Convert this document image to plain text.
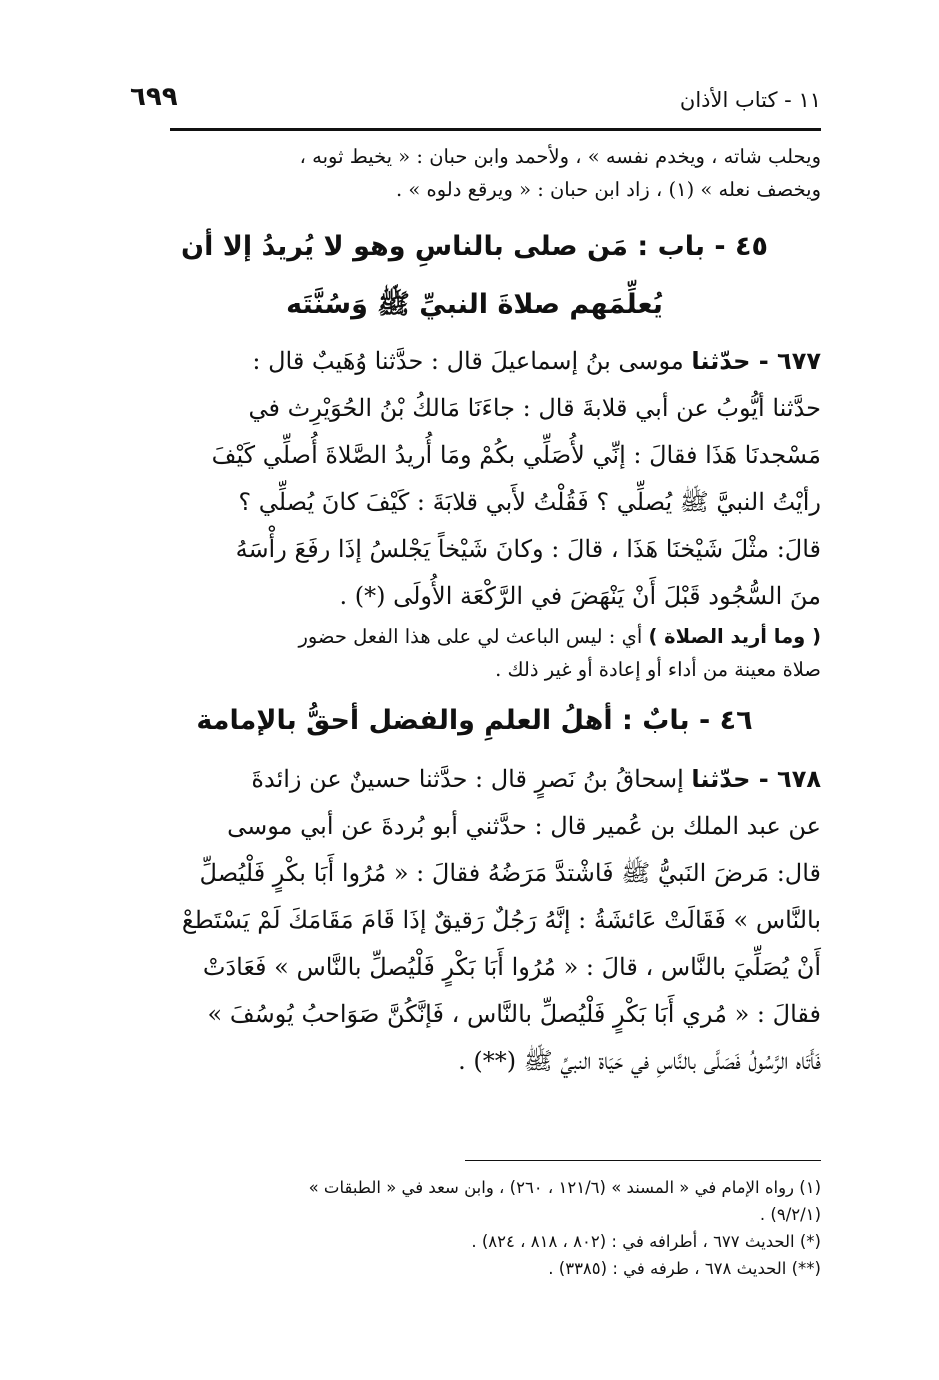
١١ - كتاب الأذان
٦٩٩

ويحلب شاته ، ويخدم نفسه » ، ولأحمد وابن حبان : « يخيط ثوبه ،

ويخصف نعله » (١) ، زاد ابن حبان : « ويرقع دلوه » .

٤٥ - باب : مَن صلى بالناسِ وهو لا يُريدُ إلا أن

يُعلِّمَهم صلاةَ النبيِّ ﷺ وَسُنَّتَه

٦٧٧ - حدّثنا موسى بنُ إسماعيلَ قال : حدَّثنا وُهَيبٌ قال :

حدَّثنا أيُّوبُ عن أبي قلابةَ قال : جاءَنَا مَالكُ بْنُ الحُوَيْرِث في

مَسْجدنَا هَذَا فقالَ : إنِّي لأُصَلِّي بكُمْ ومَا أُريدُ الصَّلاةَ أُصلِّي كَيْفَ

رأيْتُ النبيَّ ﷺ يُصلِّي ؟ فَقُلْتُ لأَبي قلابَةَ : كَيْفَ كانَ يُصلِّي ؟

قالَ: مثْلَ شَيْخنَا هَذَا ، قالَ : وكانَ شَيْخاً يَجْلسُ إذَا رفَعَ رأْسَهُ

منَ السُّجُود قَبْلَ أَنْ يَنْهَضَ في الرَّكْعَة الأُولَى (*) .

( وما أريد الصلاة ) أي : ليس الباعث لي على هذا الفعل حضور

صلاة معينة من أداء أو إعادة أو غير ذلك .

٤٦ - بابٌ : أهلُ العلمِ والفضل أحقُّ بالإمامة

٦٧٨ - حدّثنا إسحاقُ بنُ نَصرٍ قال : حدَّثنا حسينٌ عن زائدةَ

عن عبد الملك بن عُمير قال : حدَّثني أبو بُردةَ عن أبي موسى

قال: مَرضَ النَبيُّ ﷺ فَاشْتدَّ مَرَضُهُ فقالَ : « مُرُوا أَبَا بكْرٍ فَلْيُصلِّ

بالنَّاس » فَقَالَتْ عَائشَةُ : إنَّهُ رَجُلٌ رَقيقٌ إذَا قَامَ مَقَامَكَ لَمْ يَسْتَطعْ

أَنْ يُصَلِّيَ بالنَّاس ، قالَ : « مُرُوا أَبَا بَكْرٍ فَلْيُصلِّ بالنَّاس » فَعَادَتْ

فقالَ : « مُري أَبَا بَكْرٍ فَلْيُصلِّ بالنَّاس ، فَإنَّكُنَّ صَوَاحبُ يُوسُفَ »

فَأَتَاه الرَّسُولُ فَصَلَّى بالنَّاسِ في حَيَاة النبيِّ ﷺ (**) .

(١) رواه الإمام في « المسند » (١٢١/٦ ، ٢٦٠) ، وابن سعد في « الطبقات »

(٩/٢/١) .

(*) الحديث ٦٧٧ ، أطرافه في : (٨٠٢ ، ٨١٨ ، ٨٢٤) .

(**) الحديث ٦٧٨ ، طرفه في : (٣٣٨٥) .
